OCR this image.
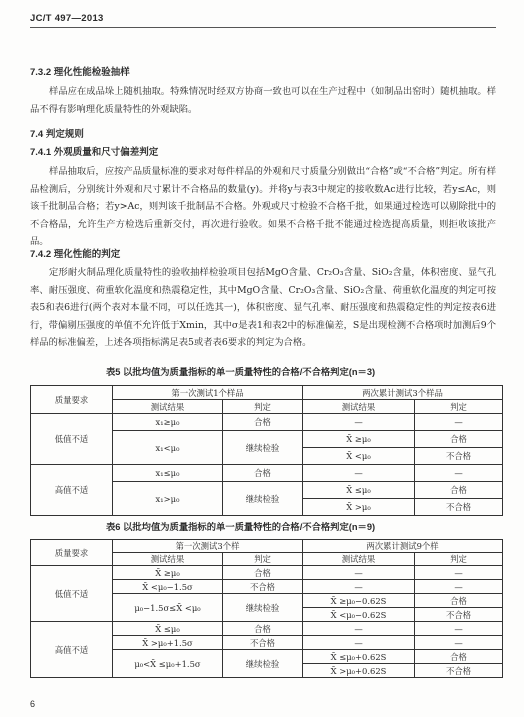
JC/T 497—2013
7.3.2 理化性能检验抽样
样品应在成品垛上随机抽取。特殊情况时经双方协商一致也可以在生产过程中（如制品出窑时）随机抽取。样品不得有影响理化质量特性的外观缺陷。
7.4 判定规则
7.4.1 外观质量和尺寸偏差判定
样品抽取后，应按产品质量标准的要求对每件样品的外观和尺寸质量分别做出“合格”或“不合格”判定。所有样品检测后，分别统计外观和尺寸累计不合格品的数量(y)。并将y与表3中规定的接收数Ac进行比较，若y≤Ac，则该千批制品合格；若y>Ac，则判该千批制品不合格。外观或尺寸检验不合格千批，如果通过检选可以剔除批中的不合格品，允许生产方检选后重新交付，再次进行验收。如果不合格千批不能通过检选提高质量，则拒收该批产品。
7.4.2 理化性能的判定
定形耐火制品理化质量特性的验收抽样检验项目包括MgO含量、Cr₂O₃含量、SiO₂含量，体积密度、显气孔率、耐压强度、荷重软化温度和热震稳定性，其中MgO含量、Cr₂O₃含量、SiO₂含量、荷重软化温度的判定可按表5和表6进行(两个表对本量不同，可以任选其一)，体积密度、显气孔率、耐压强度和热震稳定性的判定按表6进行，带偏剔压强度的单值不允许低于Xmin，其中σ是表1和表2中的标准偏差，S是出现检测不合格项时加测后9个样品的标准偏差，上述各项指标满足表5或者表6要求的判定为合格。
表5 以批均值为质量指标的单一质量特性的合格/不合格判定(n＝3)
质量要求	第一次测试1个样品		两次累计测试3个样品	
	测试结果	判定	测试结果	判定
低值不适	x₁≥μ₀	合格	—	—
	x₁<μ₀	继续检验	X̄ ≥μ₀	合格
			X̄ <μ₀	不合格
高值不适	x₁≤μ₀	合格	—	—
	x₁>μ₀	继续检验	X̄ ≤μ₀	合格
			X̄ >μ₀	不合格
表6 以批均值为质量指标的单一质量特性的合格/不合格判定(n＝9)
质量要求	第一次测试3个样		两次累计测试9个样	
	测试结果	判定	测试结果	判定
低值不适	X̄ ≥μ₀	合格	—	—
	X̄ <μ₀−1.5σ	不合格	—	—
	μ₀−1.5σ≤X̄ <μ₀	继续检验	X̄ ≥μ₀−0.62S	合格
			X̄ <μ₀−0.62S	不合格
高值不适	X̄ ≤μ₀	合格	—	—
	X̄ >μ₀+1.5σ	不合格	—	—
	μ₀<X̄ ≤μ₀+1.5σ	继续检验	X̄ ≤μ₀+0.62S	合格
			X̄ >μ₀+0.62S	不合格
6
